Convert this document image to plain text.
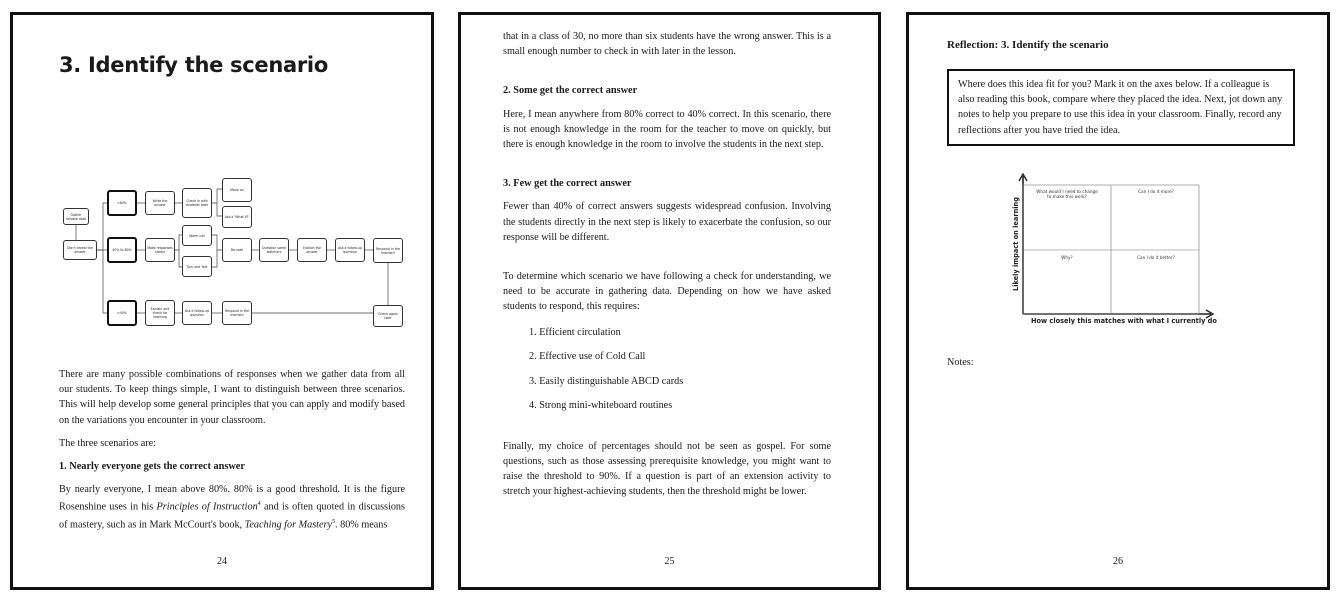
3. Identify the scenario
Gather reliable data
Don't reveal the answer
>80%
40% to 80%
<40%
Write the answer
Check in with students later
Move on
Ask a 'What if?'
Make responses visible
Warm call
Turn and Talk
Re-vote	Question some watchers
Explain the answer
Ask a follow-up question
Respond in the moment
Explain and check for listening
Ask a follow-up question
Respond in the moment	Check again later

There are many possible combinations of responses when we gather data from all our students. To keep things simple, I want to distinguish between three scenarios. This will help develop some general principles that you can apply and modify based on the variations you encounter in your classroom.

The three scenarios are:

1. Nearly everyone gets the correct answer

By nearly everyone, I mean above 80%. 80% is a good threshold. It is the figure Rosenshine uses in his Principles of Instruction$^4$ and is often quoted in discussions of mastery, such as in Mark McCourt's book, Teaching for Mastery$^5$. 80% means

24

that in a class of 30, no more than six students have the wrong answer. This is a small enough number to check in with later in the lesson.

2. Some get the correct answer

Here, I mean anywhere from 80% correct to 40% correct. In this scenario, there is not enough knowledge in the room for the teacher to move on quickly, but there is enough knowledge in the room to involve the students in the next step.

3. Few get the correct answer

Fewer than 40% of correct answers suggests widespread confusion. Involving the students directly in the next step is likely to exacerbate the confusion, so our response will be different.

To determine which scenario we have following a check for understanding, we need to be accurate in gathering data. Depending on how we have asked students to respond, this requires:

1. Efficient circulation
2. Effective use of Cold Call
3. Easily distinguishable ABCD cards
4. Strong mini-whiteboard routines

Finally, my choice of percentages should not be seen as gospel. For some questions, such as those assessing prerequisite knowledge, you might want to raise the threshold to 90%. If a question is part of an extension activity to stretch your highest-achieving students, then the threshold might be lower.

25
Reflection: 3. Identify the scenario

Where does this idea fit for you? Mark it on the axes below. If a colleague is also reading this book, compare where they placed the idea. Next, jot down any notes to help you prepare to use this idea in your classroom. Finally, record any reflections after you have tried the idea.

What would I need to change to make this work?
Can I do it more?
Why?	Can I do it better?
Likely impact on learning
How closely this matches with what I currently do
Notes:
26
